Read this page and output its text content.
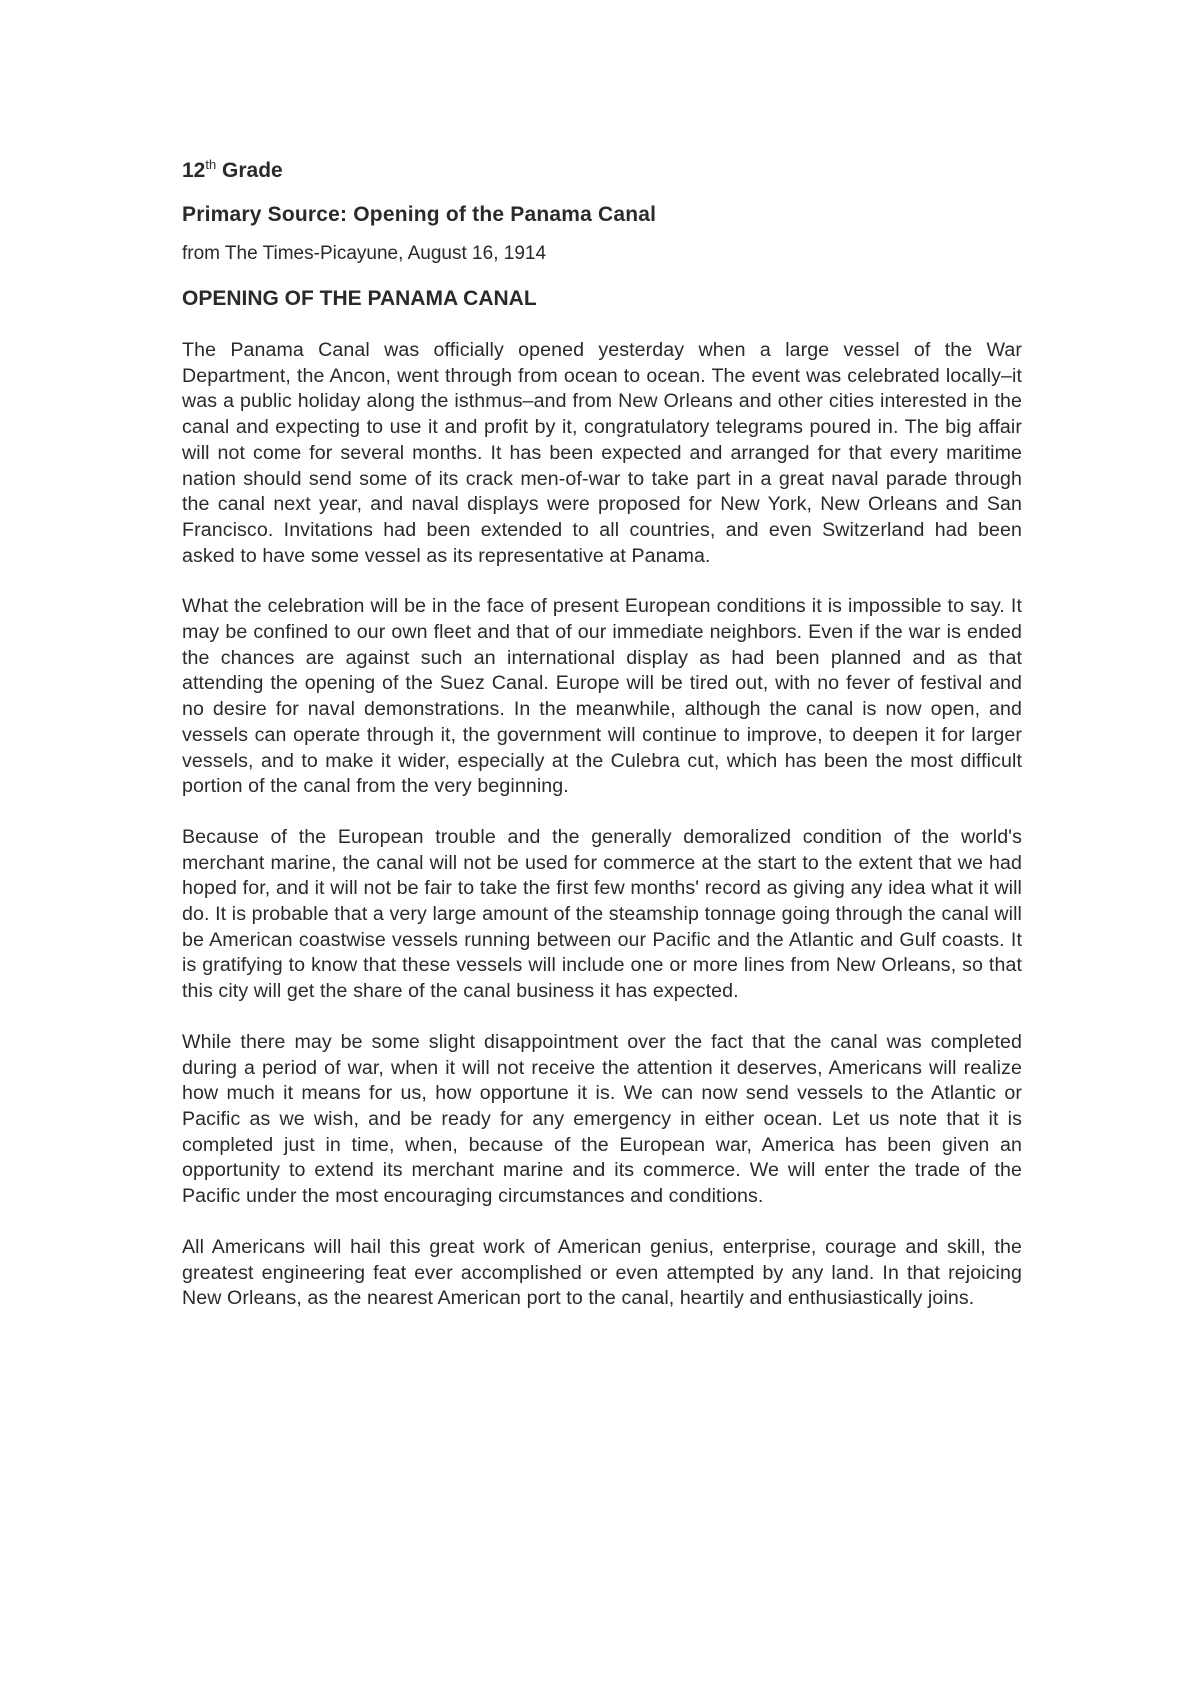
12th Grade
Primary Source: Opening of the Panama Canal
from The Times-Picayune, August 16, 1914
OPENING OF THE PANAMA CANAL

The Panama Canal was officially opened yesterday when a large vessel of the War Department, the Ancon, went through from ocean to ocean. The event was celebrated locally–it was a public holiday along the isthmus–and from New Orleans and other cities interested in the canal and expecting to use it and profit by it, congratulatory telegrams poured in. The big affair will not come for several months. It has been expected and arranged for that every maritime nation should send some of its crack men-of-war to take part in a great naval parade through the canal next year, and naval displays were proposed for New York, New Orleans and San Francisco. Invitations had been extended to all countries, and even Switzerland had been asked to have some vessel as its representative at Panama.

What the celebration will be in the face of present European conditions it is impossible to say. It may be confined to our own fleet and that of our immediate neighbors. Even if the war is ended the chances are against such an international display as had been planned and as that attending the opening of the Suez Canal. Europe will be tired out, with no fever of festival and no desire for naval demonstrations. In the meanwhile, although the canal is now open, and vessels can operate through it, the government will continue to improve, to deepen it for larger vessels, and to make it wider, especially at the Culebra cut, which has been the most difficult portion of the canal from the very beginning.

Because of the European trouble and the generally demoralized condition of the world's merchant marine, the canal will not be used for commerce at the start to the extent that we had hoped for, and it will not be fair to take the first few months' record as giving any idea what it will do. It is probable that a very large amount of the steamship tonnage going through the canal will be American coastwise vessels running between our Pacific and the Atlantic and Gulf coasts. It is gratifying to know that these vessels will include one or more lines from New Orleans, so that this city will get the share of the canal business it has expected.

While there may be some slight disappointment over the fact that the canal was completed during a period of war, when it will not receive the attention it deserves, Americans will realize how much it means for us, how opportune it is. We can now send vessels to the Atlantic or Pacific as we wish, and be ready for any emergency in either ocean. Let us note that it is completed just in time, when, because of the European war, America has been given an opportunity to extend its merchant marine and its commerce. We will enter the trade of the Pacific under the most encouraging circumstances and conditions.

All Americans will hail this great work of American genius, enterprise, courage and skill, the greatest engineering feat ever accomplished or even attempted by any land. In that rejoicing New Orleans, as the nearest American port to the canal, heartily and enthusiastically joins.
